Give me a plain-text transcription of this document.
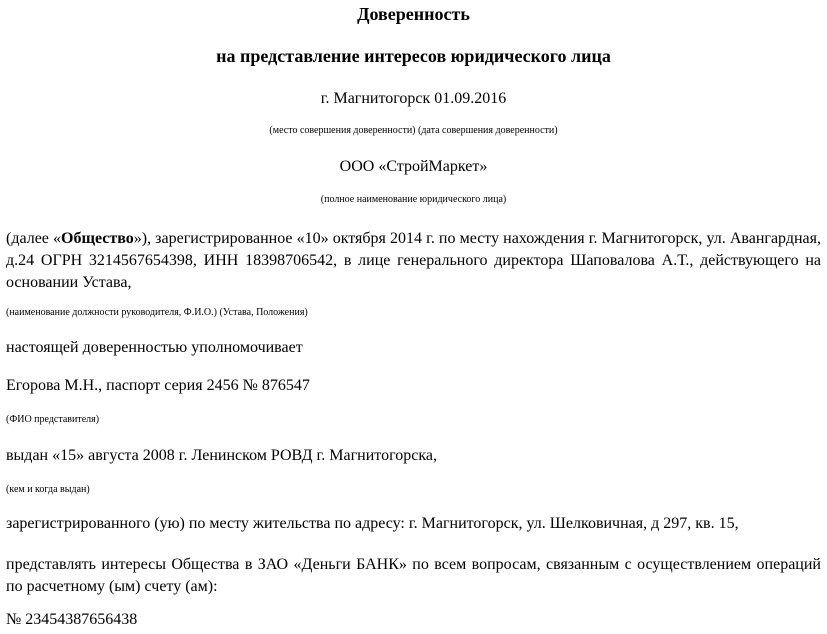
Доверенность
на представление интересов юридического лица
г. Магнитогорск 01.09.2016
(место совершения доверенности) (дата совершения доверенности)
ООО «СтройМаркет»
(полное наименование юридического лица)
(далее «Общество»), зарегистрированное «10» октября 2014 г. по месту нахождения г. Магнитогорск, ул. Авангардная, д.24 ОГРН 3214567654398, ИНН 18398706542, в лице генерального директора Шаповалова А.Т., действующего на основании Устава,
(наименование должности руководителя, Ф.И.О.) (Устава, Положения)
настоящей доверенностью уполномочивает
Егорова М.Н., паспорт серия 2456 № 876547
(ФИО представителя)
выдан «15» августа 2008 г. Ленинском РОВД г. Магнитогорска,
(кем и когда выдан)
зарегистрированного (ую) по месту жительства по адресу: г. Магнитогорск, ул. Шелковичная, д 297, кв. 15,
представлять интересы Общества в ЗАО «Деньги БАНК» по всем вопросам, связанным с осуществлением операций по расчетному (ым) счету (ам):
№ 23454387656438
